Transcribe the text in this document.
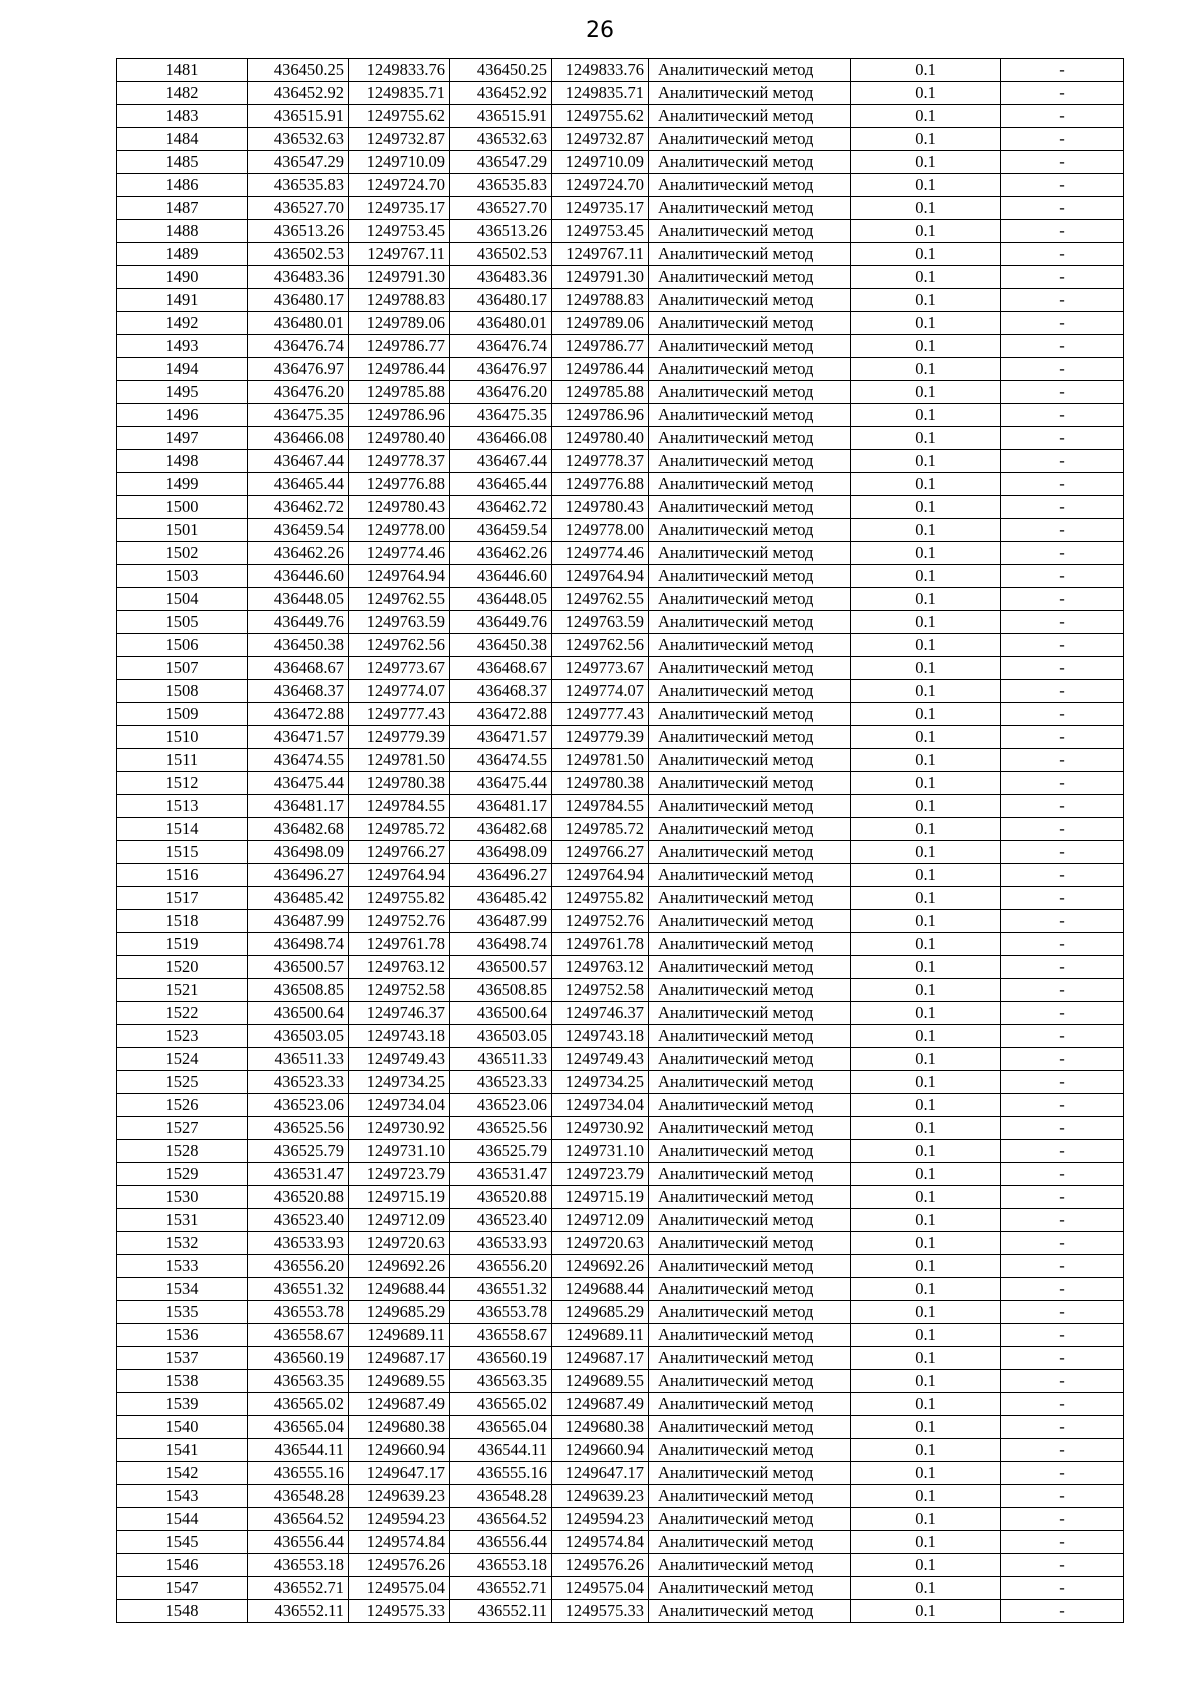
26
1481	436450.25	1249833.76	436450.25	1249833.76	Аналитический метод	0.1	-
1482	436452.92	1249835.71	436452.92	1249835.71	Аналитический метод	0.1	-
1483	436515.91	1249755.62	436515.91	1249755.62	Аналитический метод	0.1	-
1484	436532.63	1249732.87	436532.63	1249732.87	Аналитический метод	0.1	-
1485	436547.29	1249710.09	436547.29	1249710.09	Аналитический метод	0.1	-
1486	436535.83	1249724.70	436535.83	1249724.70	Аналитический метод	0.1	-
1487	436527.70	1249735.17	436527.70	1249735.17	Аналитический метод	0.1	-
1488	436513.26	1249753.45	436513.26	1249753.45	Аналитический метод	0.1	-
1489	436502.53	1249767.11	436502.53	1249767.11	Аналитический метод	0.1	-
1490	436483.36	1249791.30	436483.36	1249791.30	Аналитический метод	0.1	-
1491	436480.17	1249788.83	436480.17	1249788.83	Аналитический метод	0.1	-
1492	436480.01	1249789.06	436480.01	1249789.06	Аналитический метод	0.1	-
1493	436476.74	1249786.77	436476.74	1249786.77	Аналитический метод	0.1	-
1494	436476.97	1249786.44	436476.97	1249786.44	Аналитический метод	0.1	-
1495	436476.20	1249785.88	436476.20	1249785.88	Аналитический метод	0.1	-
1496	436475.35	1249786.96	436475.35	1249786.96	Аналитический метод	0.1	-
1497	436466.08	1249780.40	436466.08	1249780.40	Аналитический метод	0.1	-
1498	436467.44	1249778.37	436467.44	1249778.37	Аналитический метод	0.1	-
1499	436465.44	1249776.88	436465.44	1249776.88	Аналитический метод	0.1	-
1500	436462.72	1249780.43	436462.72	1249780.43	Аналитический метод	0.1	-
1501	436459.54	1249778.00	436459.54	1249778.00	Аналитический метод	0.1	-
1502	436462.26	1249774.46	436462.26	1249774.46	Аналитический метод	0.1	-
1503	436446.60	1249764.94	436446.60	1249764.94	Аналитический метод	0.1	-
1504	436448.05	1249762.55	436448.05	1249762.55	Аналитический метод	0.1	-
1505	436449.76	1249763.59	436449.76	1249763.59	Аналитический метод	0.1	-
1506	436450.38	1249762.56	436450.38	1249762.56	Аналитический метод	0.1	-
1507	436468.67	1249773.67	436468.67	1249773.67	Аналитический метод	0.1	-
1508	436468.37	1249774.07	436468.37	1249774.07	Аналитический метод	0.1	-
1509	436472.88	1249777.43	436472.88	1249777.43	Аналитический метод	0.1	-
1510	436471.57	1249779.39	436471.57	1249779.39	Аналитический метод	0.1	-
1511	436474.55	1249781.50	436474.55	1249781.50	Аналитический метод	0.1	-
1512	436475.44	1249780.38	436475.44	1249780.38	Аналитический метод	0.1	-
1513	436481.17	1249784.55	436481.17	1249784.55	Аналитический метод	0.1	-
1514	436482.68	1249785.72	436482.68	1249785.72	Аналитический метод	0.1	-
1515	436498.09	1249766.27	436498.09	1249766.27	Аналитический метод	0.1	-
1516	436496.27	1249764.94	436496.27	1249764.94	Аналитический метод	0.1	-
1517	436485.42	1249755.82	436485.42	1249755.82	Аналитический метод	0.1	-
1518	436487.99	1249752.76	436487.99	1249752.76	Аналитический метод	0.1	-
1519	436498.74	1249761.78	436498.74	1249761.78	Аналитический метод	0.1	-
1520	436500.57	1249763.12	436500.57	1249763.12	Аналитический метод	0.1	-
1521	436508.85	1249752.58	436508.85	1249752.58	Аналитический метод	0.1	-
1522	436500.64	1249746.37	436500.64	1249746.37	Аналитический метод	0.1	-
1523	436503.05	1249743.18	436503.05	1249743.18	Аналитический метод	0.1	-
1524	436511.33	1249749.43	436511.33	1249749.43	Аналитический метод	0.1	-
1525	436523.33	1249734.25	436523.33	1249734.25	Аналитический метод	0.1	-
1526	436523.06	1249734.04	436523.06	1249734.04	Аналитический метод	0.1	-
1527	436525.56	1249730.92	436525.56	1249730.92	Аналитический метод	0.1	-
1528	436525.79	1249731.10	436525.79	1249731.10	Аналитический метод	0.1	-
1529	436531.47	1249723.79	436531.47	1249723.79	Аналитический метод	0.1	-
1530	436520.88	1249715.19	436520.88	1249715.19	Аналитический метод	0.1	-
1531	436523.40	1249712.09	436523.40	1249712.09	Аналитический метод	0.1	-
1532	436533.93	1249720.63	436533.93	1249720.63	Аналитический метод	0.1	-
1533	436556.20	1249692.26	436556.20	1249692.26	Аналитический метод	0.1	-
1534	436551.32	1249688.44	436551.32	1249688.44	Аналитический метод	0.1	-
1535	436553.78	1249685.29	436553.78	1249685.29	Аналитический метод	0.1	-
1536	436558.67	1249689.11	436558.67	1249689.11	Аналитический метод	0.1	-
1537	436560.19	1249687.17	436560.19	1249687.17	Аналитический метод	0.1	-
1538	436563.35	1249689.55	436563.35	1249689.55	Аналитический метод	0.1	-
1539	436565.02	1249687.49	436565.02	1249687.49	Аналитический метод	0.1	-
1540	436565.04	1249680.38	436565.04	1249680.38	Аналитический метод	0.1	-
1541	436544.11	1249660.94	436544.11	1249660.94	Аналитический метод	0.1	-
1542	436555.16	1249647.17	436555.16	1249647.17	Аналитический метод	0.1	-
1543	436548.28	1249639.23	436548.28	1249639.23	Аналитический метод	0.1	-
1544	436564.52	1249594.23	436564.52	1249594.23	Аналитический метод	0.1	-
1545	436556.44	1249574.84	436556.44	1249574.84	Аналитический метод	0.1	-
1546	436553.18	1249576.26	436553.18	1249576.26	Аналитический метод	0.1	-
1547	436552.71	1249575.04	436552.71	1249575.04	Аналитический метод	0.1	-
1548	436552.11	1249575.33	436552.11	1249575.33	Аналитический метод	0.1	-
